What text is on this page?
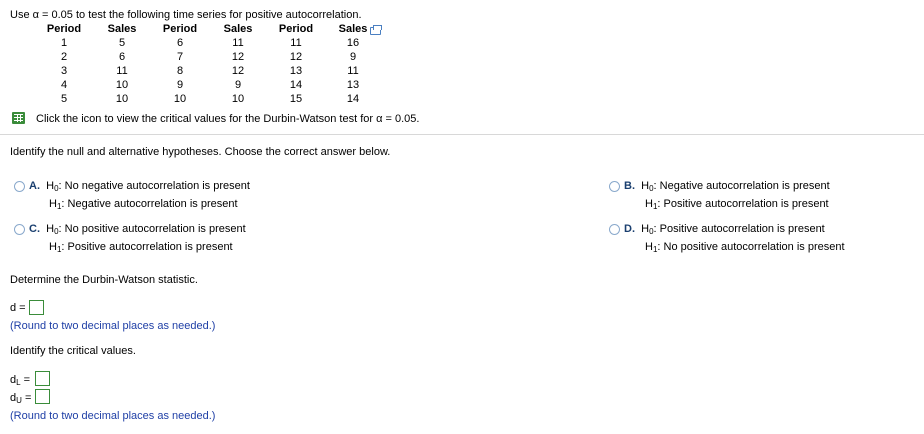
Use α = 0.05 to test the following time series for positive autocorrelation.
Period	Sales	Period	Sales	Period	Sales
1	5	6	11	11	16
2	6	7	12	12	9
3	11	8	12	13	11
4	10	9	9	14	13
5	10	10	10	15	14
Click the icon to view the critical values for the Durbin-Watson test for α = 0.05.
Identify the null and alternative hypotheses. Choose the correct answer below.
A. $H_0$: No negative autocorrelation is present
$H_1$: Negative autocorrelation is present
B. $H_0$: Negative autocorrelation is present
$H_1$: Positive autocorrelation is present
C. $H_0$: No positive autocorrelation is present
$H_1$: Positive autocorrelation is present
D. $H_0$: Positive autocorrelation is present
$H_1$: No positive autocorrelation is present
Determine the Durbin-Watson statistic.
d =
(Round to two decimal places as needed.)
Identify the critical values.
$d_L$ =
$d_U$ =
(Round to two decimal places as needed.)
